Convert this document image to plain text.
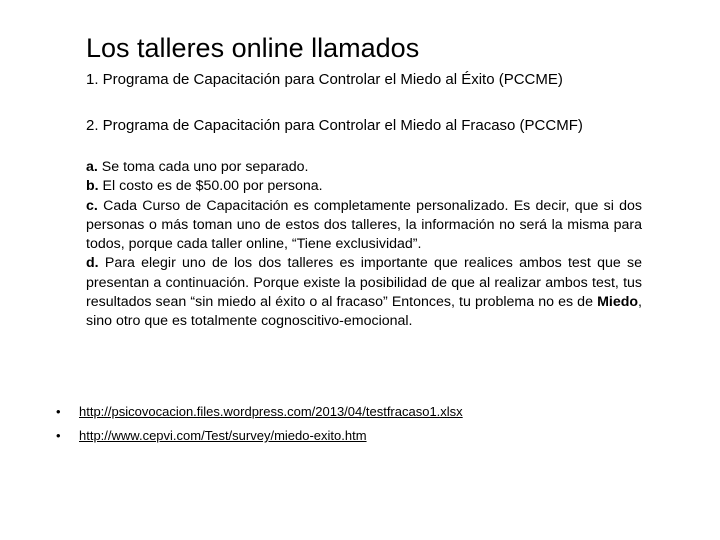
Los talleres online llamados
1. Programa de Capacitación para Controlar el Miedo al Éxito (PCCME)
2. Programa de Capacitación para Controlar el Miedo al Fracaso (PCCMF)

a. Se toma cada uno por separado.

b. El costo es de $50.00 por persona.

c. Cada Curso de Capacitación es completamente personalizado. Es decir, que si dos personas o más toman uno de estos dos talleres, la información no será la misma para todos, porque cada taller online, “Tiene exclusividad”.

d. Para elegir uno de los dos talleres es importante que realices ambos test que se presentan a continuación. Porque existe la posibilidad de que al realizar ambos test, tus resultados sean “sin miedo al éxito o al fracaso” Entonces, tu problema no es de Miedo, sino otro que es totalmente cognoscitivo-emocional.

• http://psicovocacion.files.wordpress.com/2013/04/testfracaso1.xlsx
• http://www.cepvi.com/Test/survey/miedo-exito.htm
